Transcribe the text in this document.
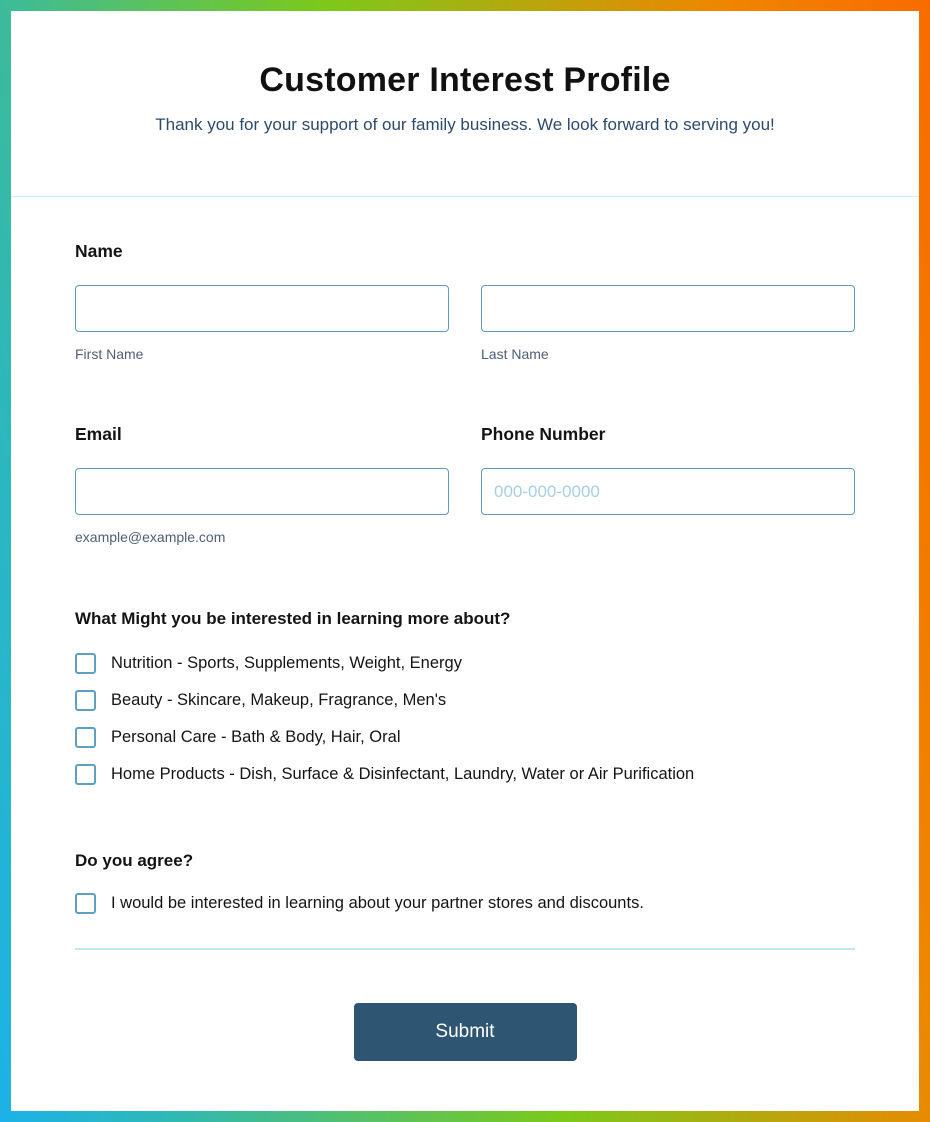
Customer Interest Profile
Thank you for your support of our family business. We look forward to serving you!
Name
First Name	Last Name
Email
example@example.com
Phone Number
000-000-0000
What Might you be interested in learning more about?
Nutrition - Sports, Supplements, Weight, Energy
Beauty - Skincare, Makeup, Fragrance, Men's
Personal Care - Bath & Body, Hair, Oral
Home Products - Dish, Surface & Disinfectant, Laundry, Water or Air Purification
Do you agree?
I would be interested in learning about your partner stores and discounts.
Submit
